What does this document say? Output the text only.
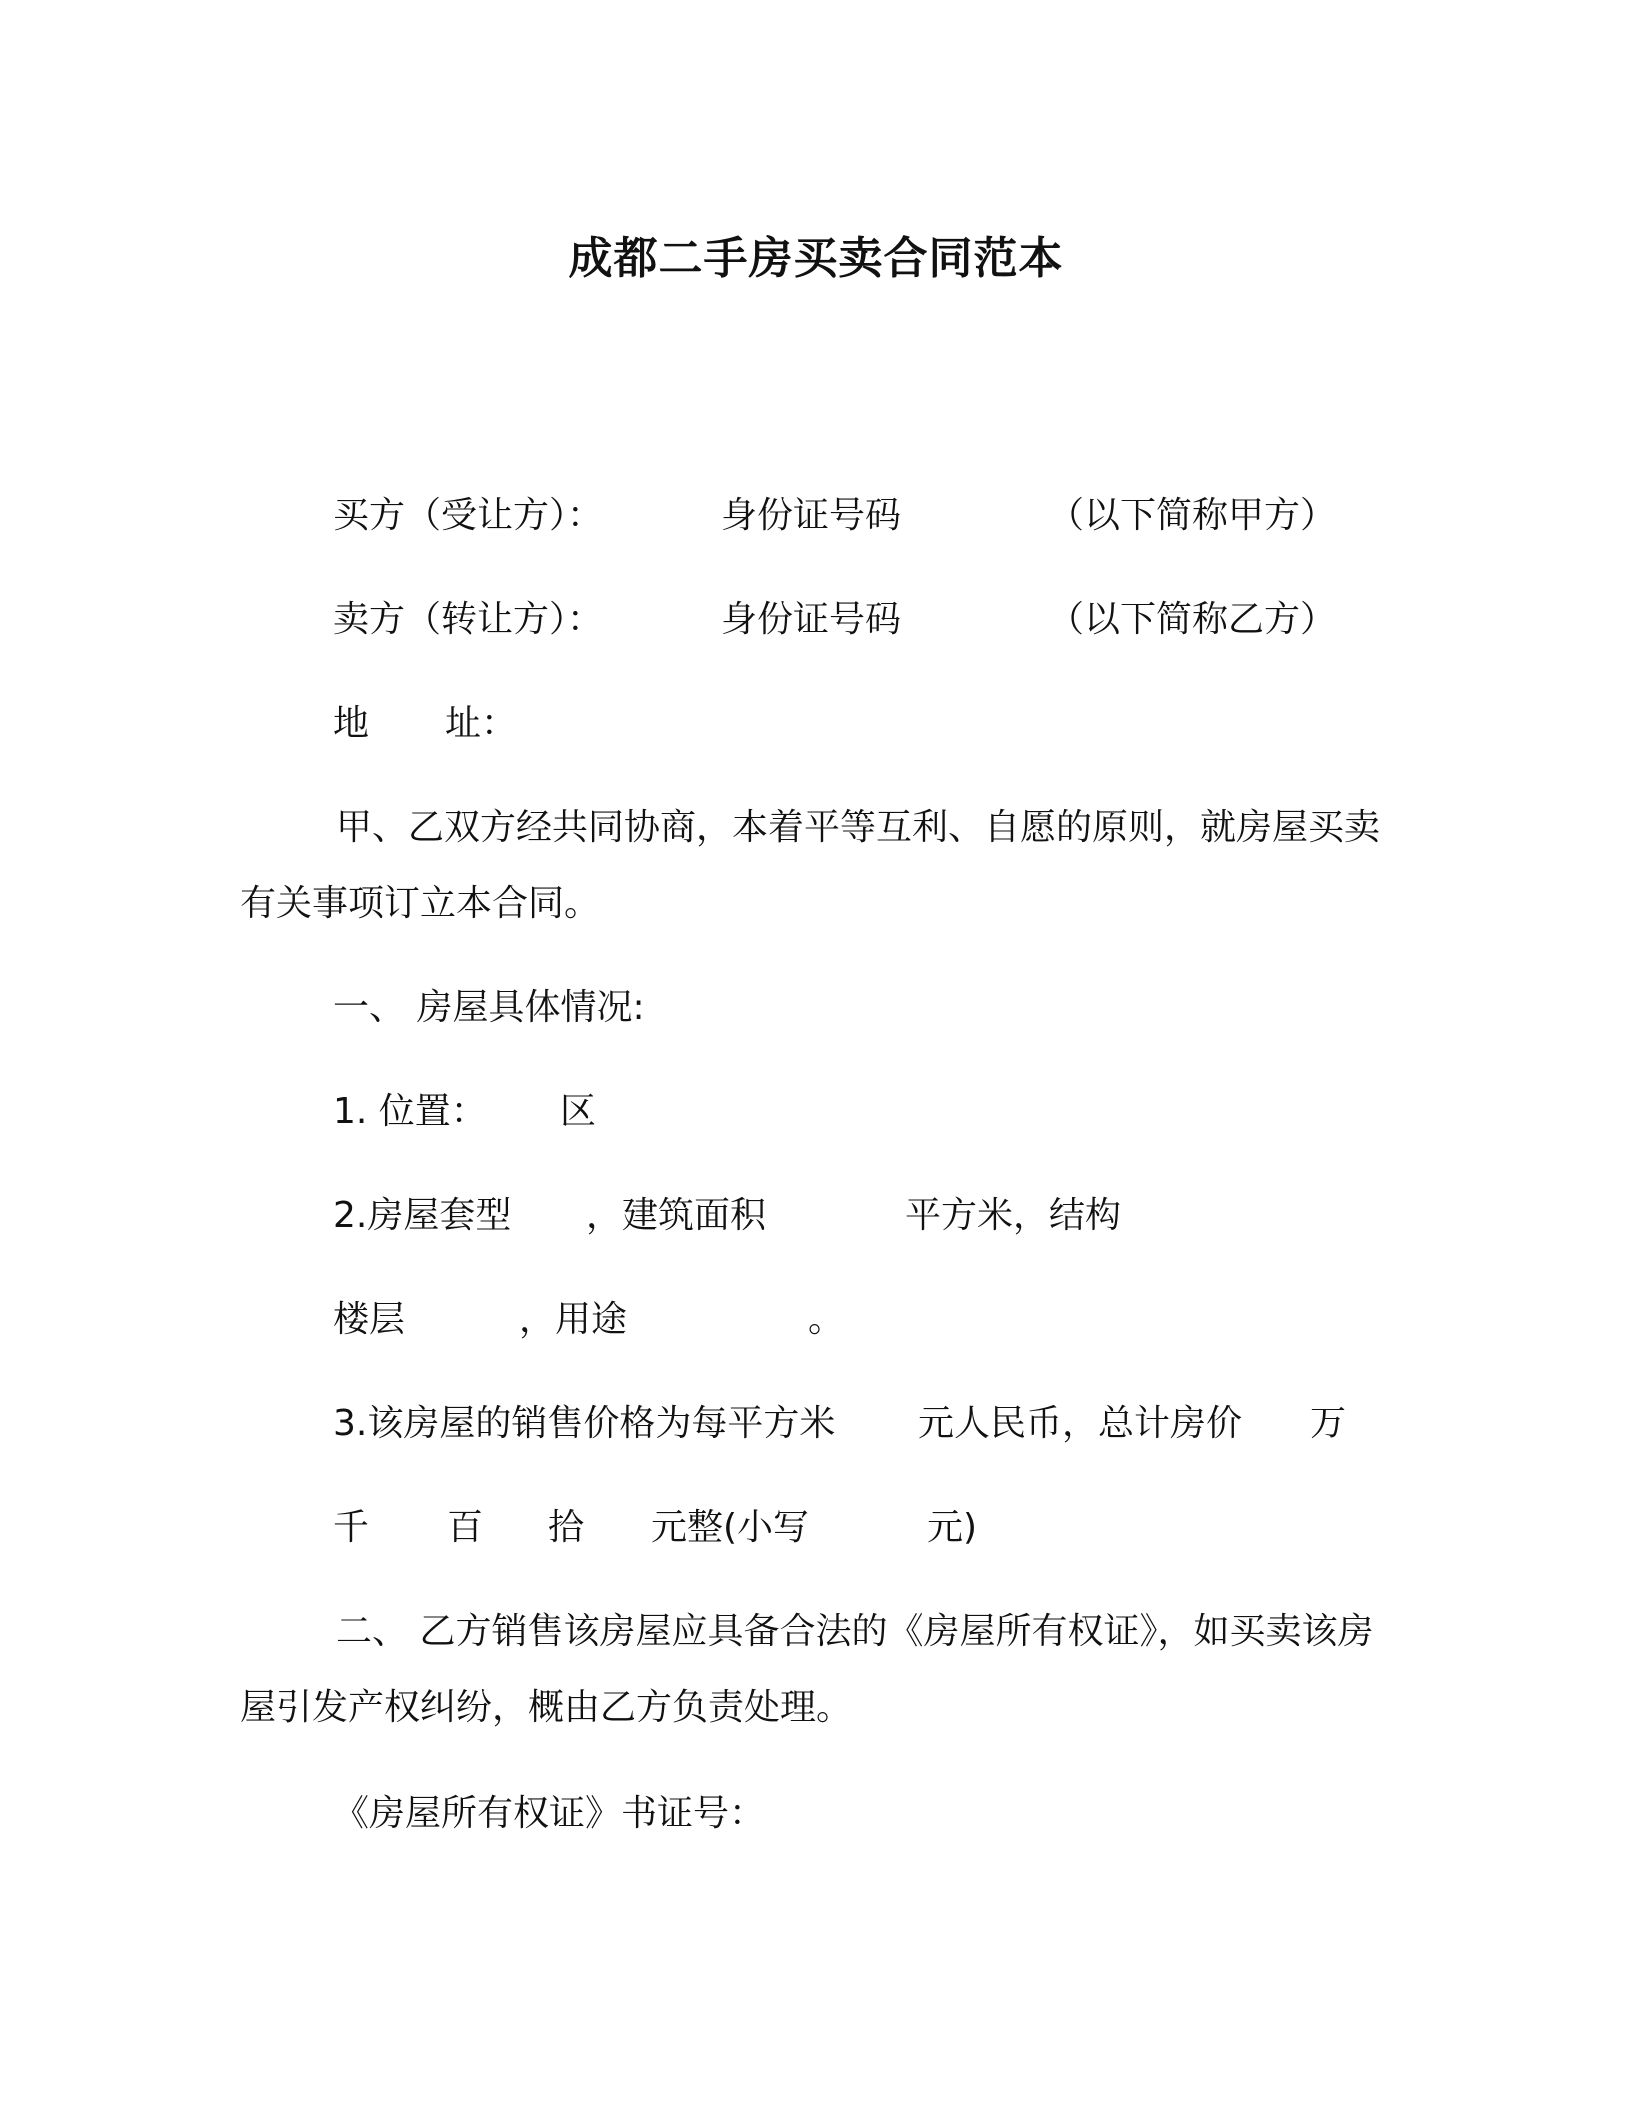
成都二手房买卖合同范本
买方（受让方）：	身份证号码	（以下简称甲方）
卖方（转让方）：	身份证号码	（以下简称乙方）
地 址：

甲、乙双方经共同协商，本着平等互利、自愿的原则，就房屋买卖有关事项订立本合同。

一、 房屋具体情况:
1. 位置： 区
2.房屋套型 ，建筑面积	平方米，结构
楼层	，用途	。
3.该房屋的销售价格为每平方米 元人民币，总计房价 万
千 百 拾 元整(小写	元)

二、 乙方销售该房屋应具备合法的《房屋所有权证》，如买卖该房屋引发产权纠纷，概由乙方负责处理。

《房屋所有权证》书证号：
